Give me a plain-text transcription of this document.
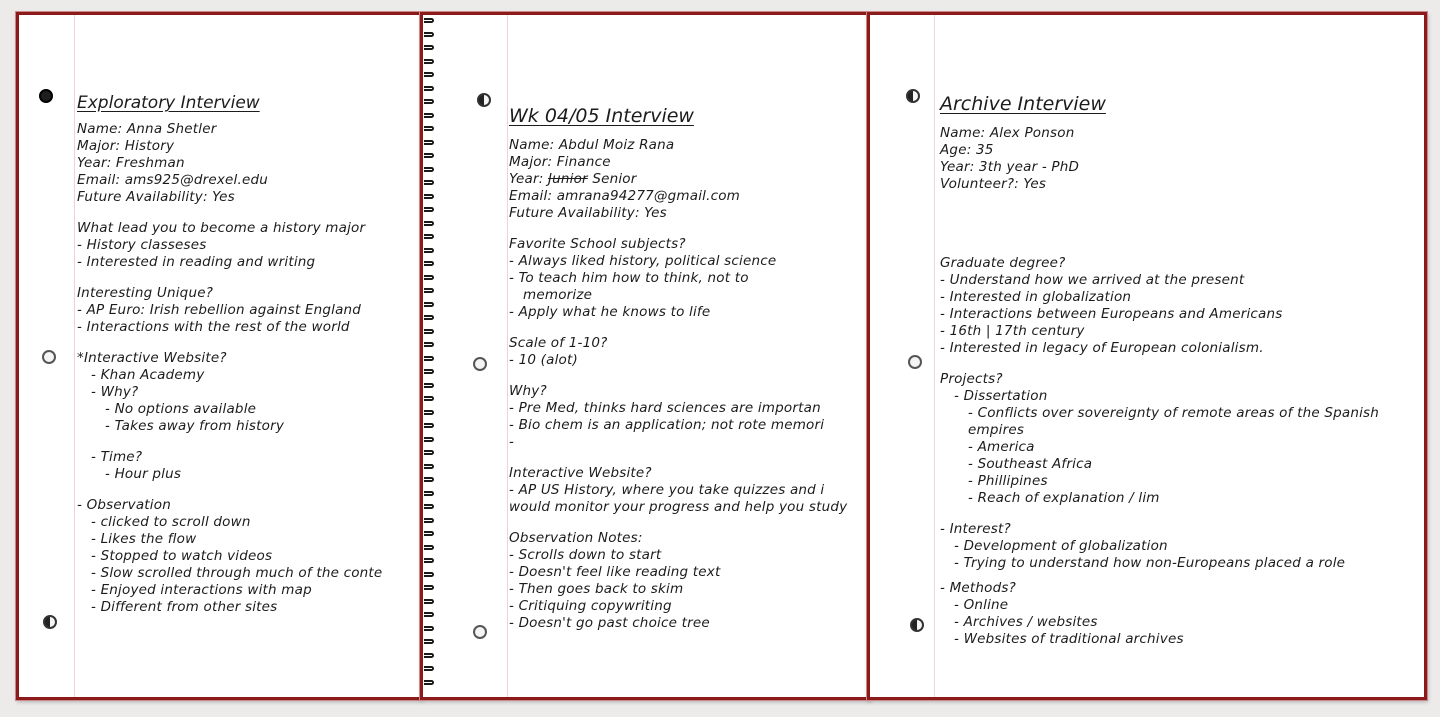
Exploratory Interview
Name: Anna Shetler
Major: History
Year: Freshman
Email: ams925@drexel.edu
Future Availability: Yes
What lead you to become a history major
- History classeses
- Interested in reading and writing
Interesting Unique?
- AP Euro: Irish rebellion against England
- Interactions with the rest of the world
*Interactive Website?
- Khan Academy
- Why?
- No options available
- Takes away from history
- Time?
- Hour plus
- Observation
- clicked to scroll down
- Likes the flow
- Stopped to watch videos
- Slow scrolled through much of the conte
- Enjoyed interactions with map
- Different from other sites
Wk 04/05 Interview
Name: Abdul Moiz Rana
Major: Finance
Year: Junior Senior
Email: amrana94277@gmail.com
Future Availability: Yes
Favorite School subjects?
- Always liked history, political science
- To teach him how to think, not to
memorize
- Apply what he knows to life
Scale of 1-10?
- 10 (alot)
Why?
- Pre Med, thinks hard sciences are importan
- Bio chem is an application; not rote memori
-
Interactive Website?
- AP US History, where you take quizzes and i
would monitor your progress and help you study
Observation Notes:
- Scrolls down to start
- Doesn't feel like reading text
- Then goes back to skim
- Critiquing copywriting
- Doesn't go past choice tree
Archive Interview
Name: Alex Ponson
Age: 35
Year: 3th year - PhD
Volunteer?: Yes
Graduate degree?
- Understand how we arrived at the present
- Interested in globalization
- Interactions between Europeans and Americans
- 16th | 17th century
- Interested in legacy of European colonialism.
Projects?
- Dissertation
- Conflicts over sovereignty of remote areas of the Spanish
empires
- America
- Southeast Africa
- Phillipines
- Reach of explanation / lim
- Interest?
- Development of globalization
- Trying to understand how non-Europeans placed a role
- Methods?
- Online
- Archives / websites
- Websites of traditional archives
